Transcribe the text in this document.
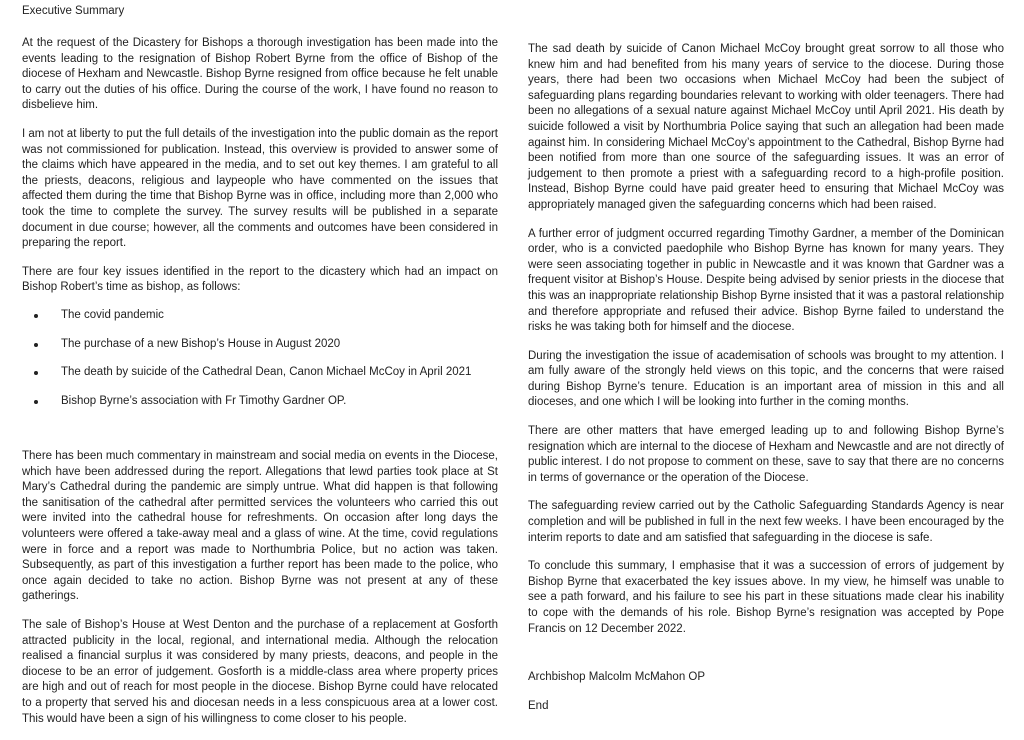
Executive Summary

At the request of the Dicastery for Bishops a thorough investigation has been made into the events leading to the resignation of Bishop Robert Byrne from the office of Bishop of the diocese of Hexham and Newcastle. Bishop Byrne resigned from office because he felt unable to carry out the duties of his office. During the course of the work, I have found no reason to disbelieve him.

I am not at liberty to put the full details of the investigation into the public domain as the report was not commissioned for publication. Instead, this overview is provided to answer some of the claims which have appeared in the media, and to set out key themes. I am grateful to all the priests, deacons, religious and laypeople who have commented on the issues that affected them during the time that Bishop Byrne was in office, including more than 2,000 who took the time to complete the survey. The survey results will be published in a separate document in due course; however, all the comments and outcomes have been considered in preparing the report.

There are four key issues identified in the report to the dicastery which had an impact on Bishop Robert’s time as bishop, as follows:

The covid pandemic
The purchase of a new Bishop’s House in August 2020
The death by suicide of the Cathedral Dean, Canon Michael McCoy in April 2021
Bishop Byrne’s association with Fr Timothy Gardner OP.

There has been much commentary in mainstream and social media on events in the Diocese, which have been addressed during the report. Allegations that lewd parties took place at St Mary’s Cathedral during the pandemic are simply untrue. What did happen is that following the sanitisation of the cathedral after permitted services the volunteers who carried this out were invited into the cathedral house for refreshments. On occasion after long days the volunteers were offered a take-away meal and a glass of wine. At the time, covid regulations were in force and a report was made to Northumbria Police, but no action was taken. Subsequently, as part of this investigation a further report has been made to the police, who once again decided to take no action. Bishop Byrne was not present at any of these gatherings.

The sale of Bishop’s House at West Denton and the purchase of a replacement at Gosforth attracted publicity in the local, regional, and international media. Although the relocation realised a financial surplus it was considered by many priests, deacons, and people in the diocese to be an error of judgement. Gosforth is a middle-class area where property prices are high and out of reach for most people in the diocese. Bishop Byrne could have relocated to a property that served his and diocesan needs in a less conspicuous area at a lower cost. This would have been a sign of his willingness to come closer to his people.

The sad death by suicide of Canon Michael McCoy brought great sorrow to all those who knew him and had benefited from his many years of service to the diocese. During those years, there had been two occasions when Michael McCoy had been the subject of safeguarding plans regarding boundaries relevant to working with older teenagers. There had been no allegations of a sexual nature against Michael McCoy until April 2021. His death by suicide followed a visit by Northumbria Police saying that such an allegation had been made against him. In considering Michael McCoy’s appointment to the Cathedral, Bishop Byrne had been notified from more than one source of the safeguarding issues. It was an error of judgement to then promote a priest with a safeguarding record to a high-profile position. Instead, Bishop Byrne could have paid greater heed to ensuring that Michael McCoy was appropriately managed given the safeguarding concerns which had been raised.

A further error of judgment occurred regarding Timothy Gardner, a member of the Dominican order, who is a convicted paedophile who Bishop Byrne has known for many years. They were seen associating together in public in Newcastle and it was known that Gardner was a frequent visitor at Bishop’s House. Despite being advised by senior priests in the diocese that this was an inappropriate relationship Bishop Byrne insisted that it was a pastoral relationship and therefore appropriate and refused their advice. Bishop Byrne failed to understand the risks he was taking both for himself and the diocese.

During the investigation the issue of academisation of schools was brought to my attention. I am fully aware of the strongly held views on this topic, and the concerns that were raised during Bishop Byrne’s tenure. Education is an important area of mission in this and all dioceses, and one which I will be looking into further in the coming months.

There are other matters that have emerged leading up to and following Bishop Byrne’s resignation which are internal to the diocese of Hexham and Newcastle and are not directly of public interest. I do not propose to comment on these, save to say that there are no concerns in terms of governance or the operation of the Diocese.

The safeguarding review carried out by the Catholic Safeguarding Standards Agency is near completion and will be published in full in the next few weeks. I have been encouraged by the interim reports to date and am satisfied that safeguarding in the diocese is safe.

To conclude this summary, I emphasise that it was a succession of errors of judgement by Bishop Byrne that exacerbated the key issues above. In my view, he himself was unable to see a path forward, and his failure to see his part in these situations made clear his inability to cope with the demands of his role. Bishop Byrne’s resignation was accepted by Pope Francis on 12 December 2022.

Archbishop Malcolm McMahon OP

End
